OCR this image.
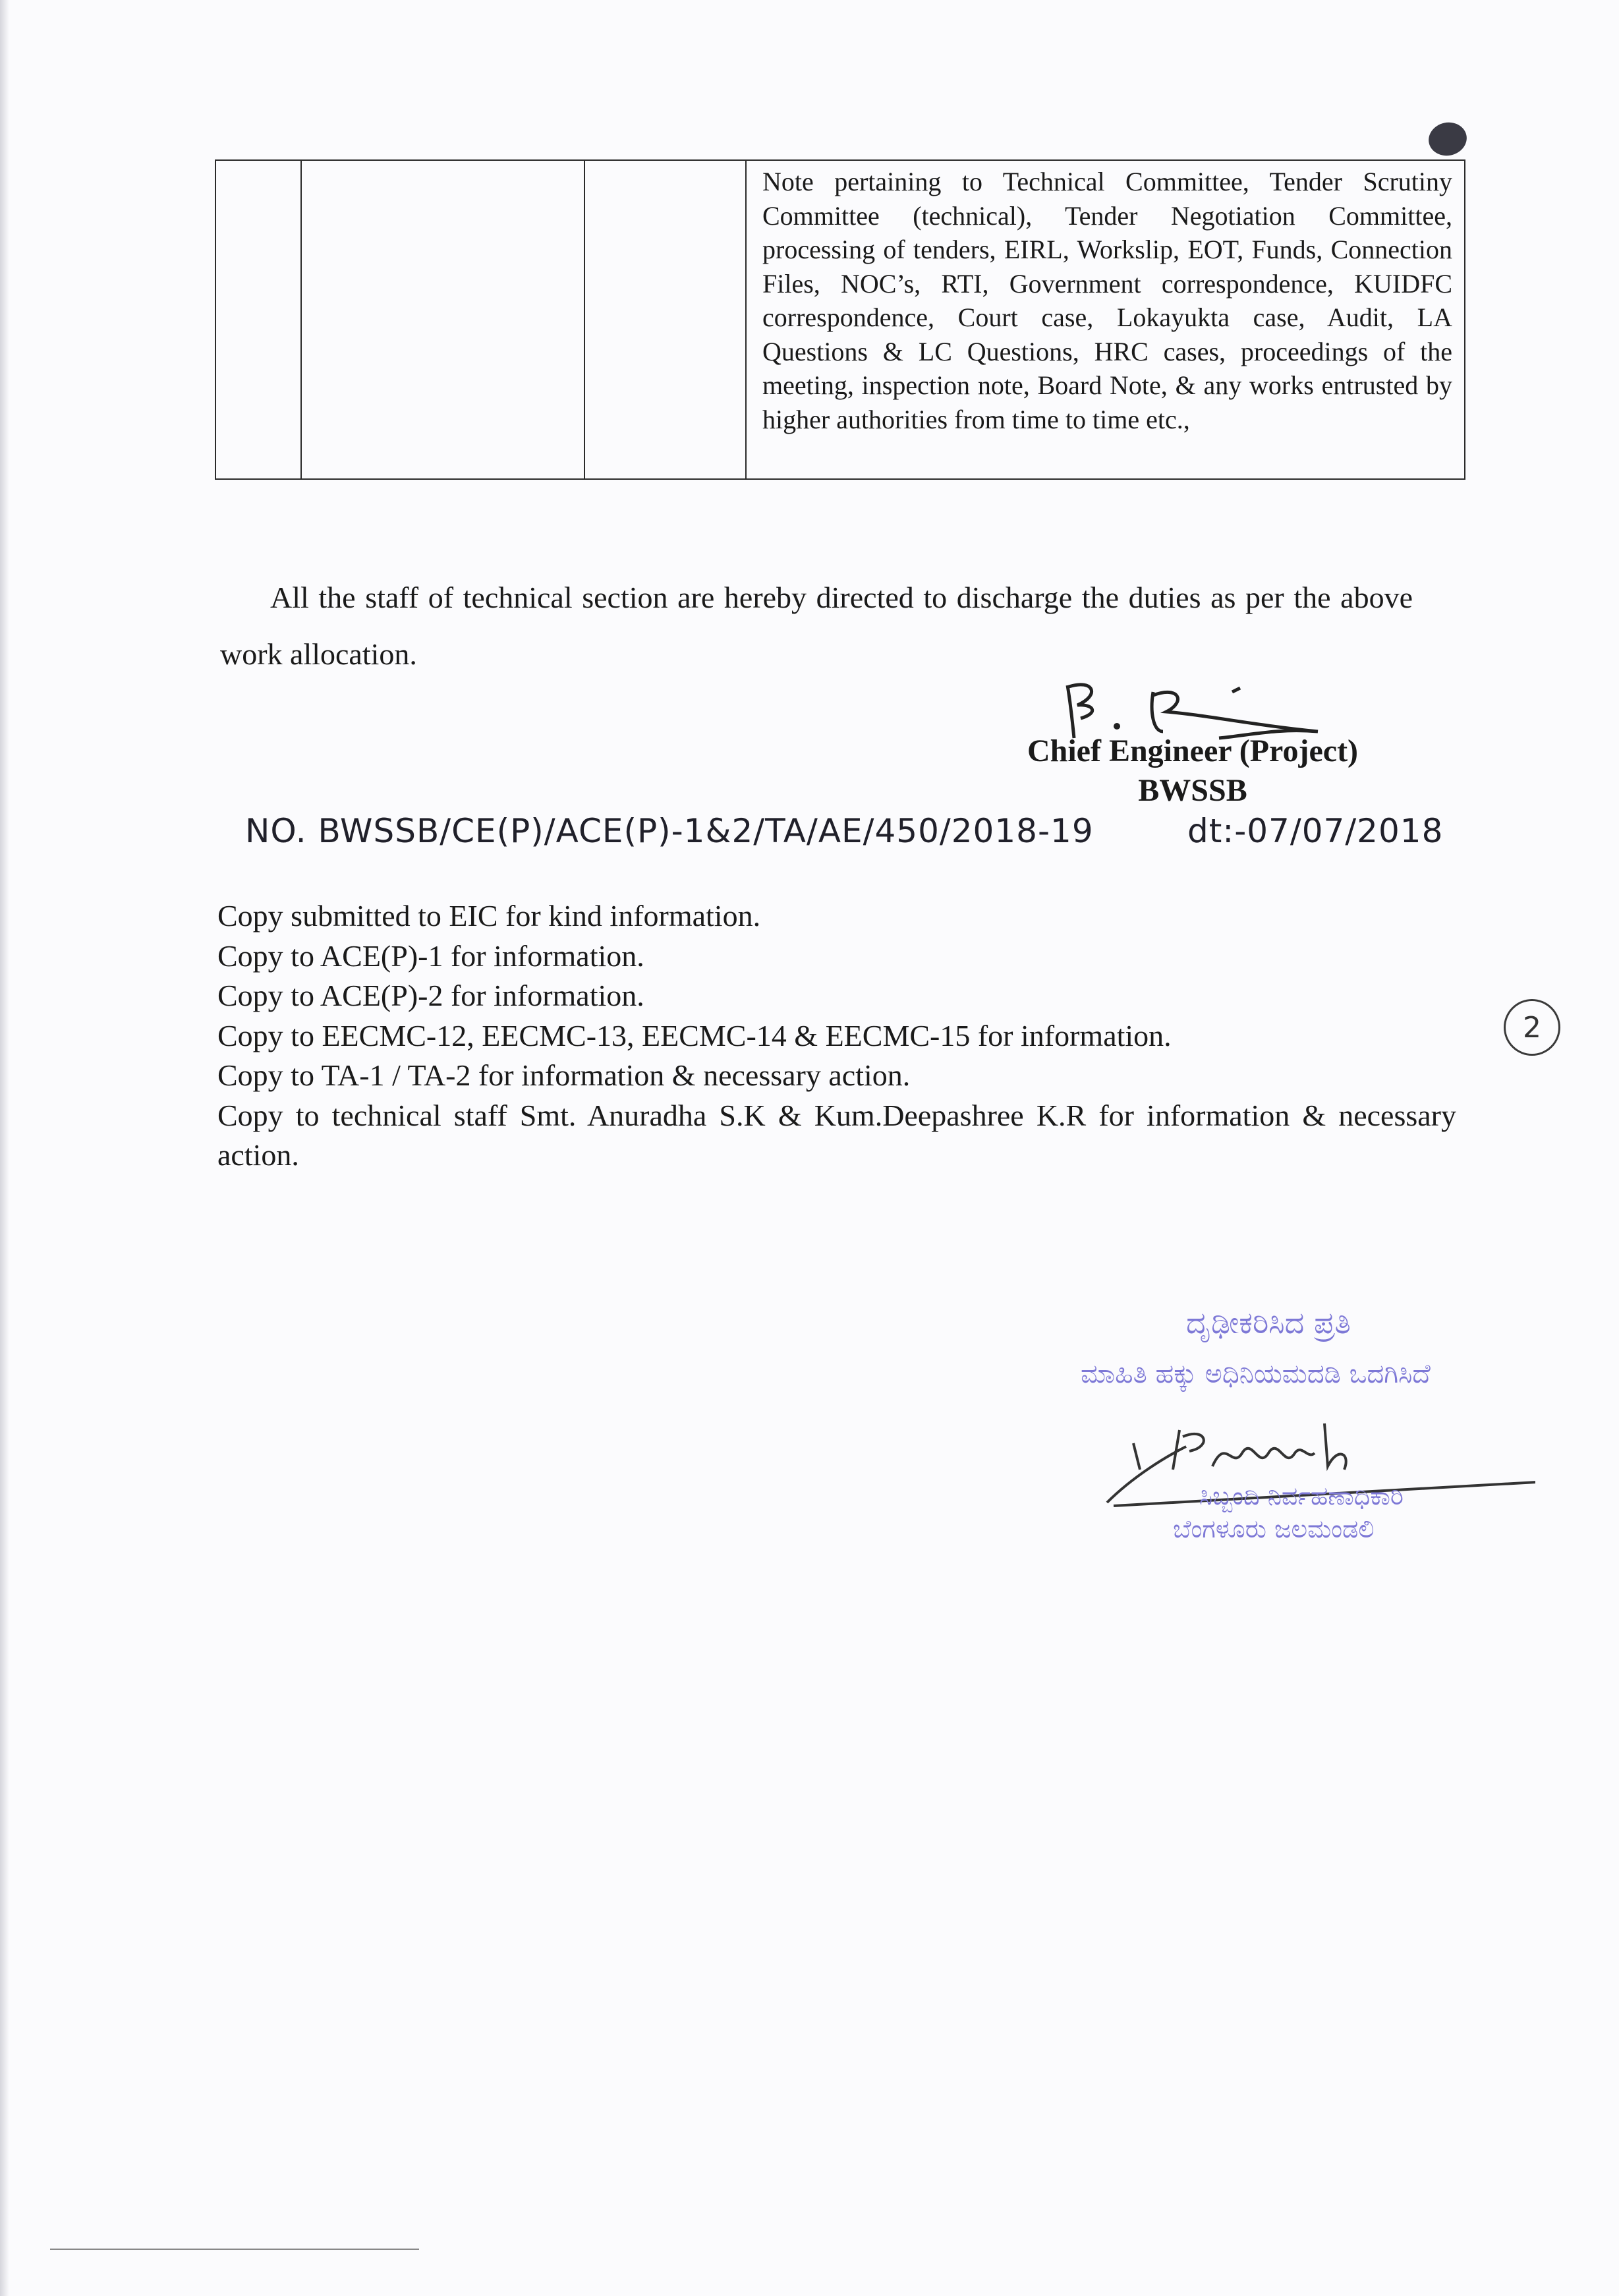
			Note pertaining to Technical Committee, Tender Scrutiny Committee (technical), Tender Negotiation Committee, processing of tenders, EIRL, Workslip, EOT, Funds, Connection Files, NOC’s, RTI, Government correspondence, KUIDFC correspondence, Court case, Lokayukta case, Audit, LA Questions & LC Questions, HRC cases, proceedings of the meeting, inspection note, Board Note, & any works entrusted by higher authorities from time to time etc.,

All the staff of technical section are hereby directed to discharge the duties as per the above work allocation.

Chief Engineer (Project)
BWSSB
NO. BWSSB/CE(P)/ACE(P)-1&2/TA/AE/450/2018-19	dt:-07/07/2018
Copy submitted to EIC for kind information.
Copy to ACE(P)-1 for information.
Copy to ACE(P)-2 for information.
Copy to EECMC-12, EECMC-13, EECMC-14 & EECMC-15 for information.
Copy to TA-1 / TA-2 for information & necessary action.
Copy to technical staff Smt. Anuradha S.K & Kum.Deepashree K.R for information & necessary action.
2
ದೃಢೀಕರಿಸಿದ ಪ್ರತಿ
ಮಾಹಿತಿ ಹಕ್ಕು ಅಧಿನಿಯಮದಡಿ ಒದಗಿಸಿದೆ
ಸಿಬ್ಬಂದಿ ನಿರ್ವಹಣಾಧಿಕಾರಿ
ಬೆಂಗಳೂರು ಜಲಮಂಡಲಿ
